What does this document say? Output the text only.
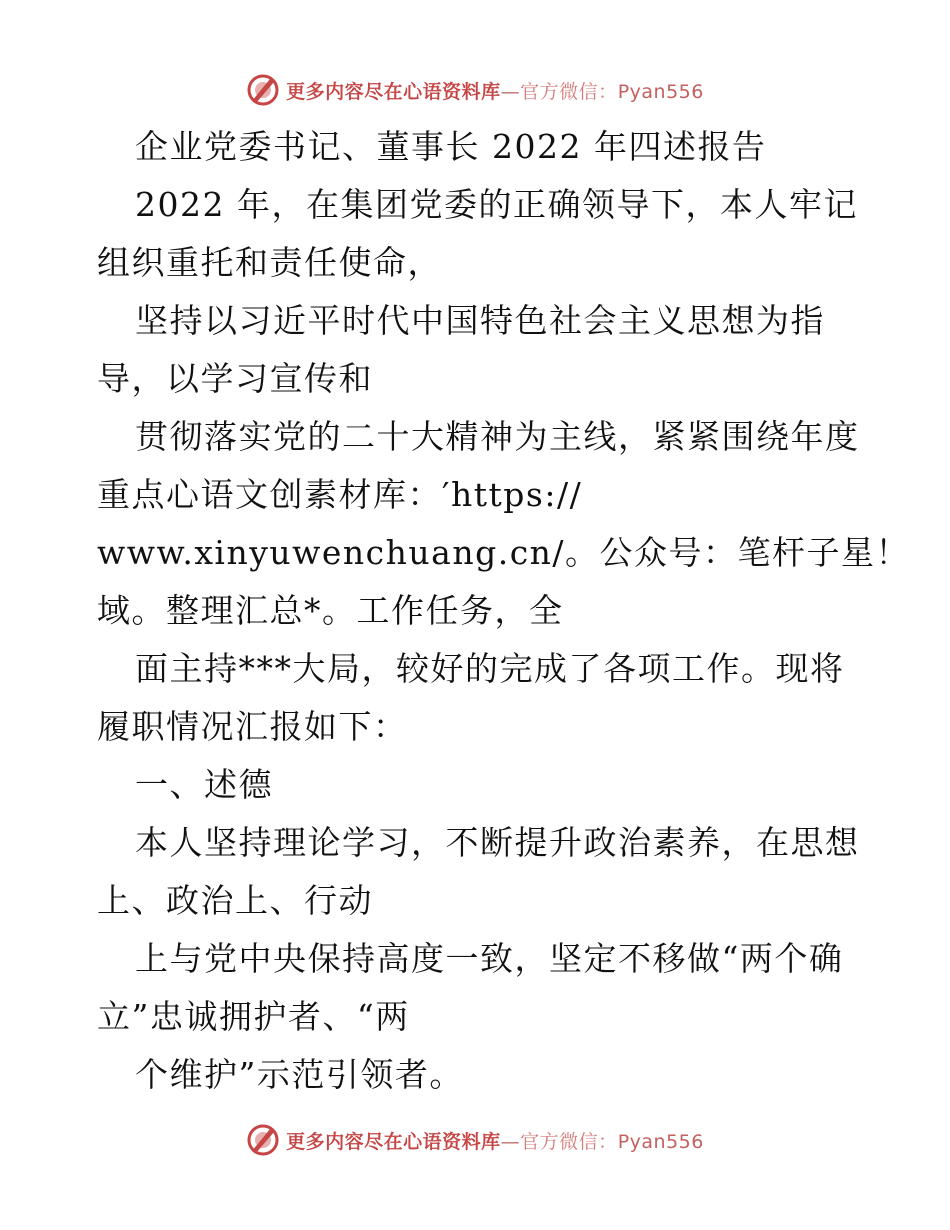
更多内容尽在心语资料库—官方微信：Pyan556
企业党委书记、董事长 2022 年四述报告
2022 年，在集团党委的正确领导下，本人牢记
组织重托和责任使命，
坚持以习近平时代中国特色社会主义思想为指
导，以学习宣传和
贯彻落实党的二十大精神为主线，紧紧围绕年度
重点心语文创素材库：′https://
www.xinyuwenchuang.cn/。公众号：笔杆子星！
域。整理汇总*。工作任务，全
面主持***大局，较好的完成了各项工作。现将
履职情况汇报如下：
一、述德
本人坚持理论学习，不断提升政治素养，在思想
上、政治上、行动
上与党中央保持高度一致，坚定不移做“两个确
立”忠诚拥护者、“两
个维护”示范引领者。
更多内容尽在心语资料库—官方微信：Pyan556
